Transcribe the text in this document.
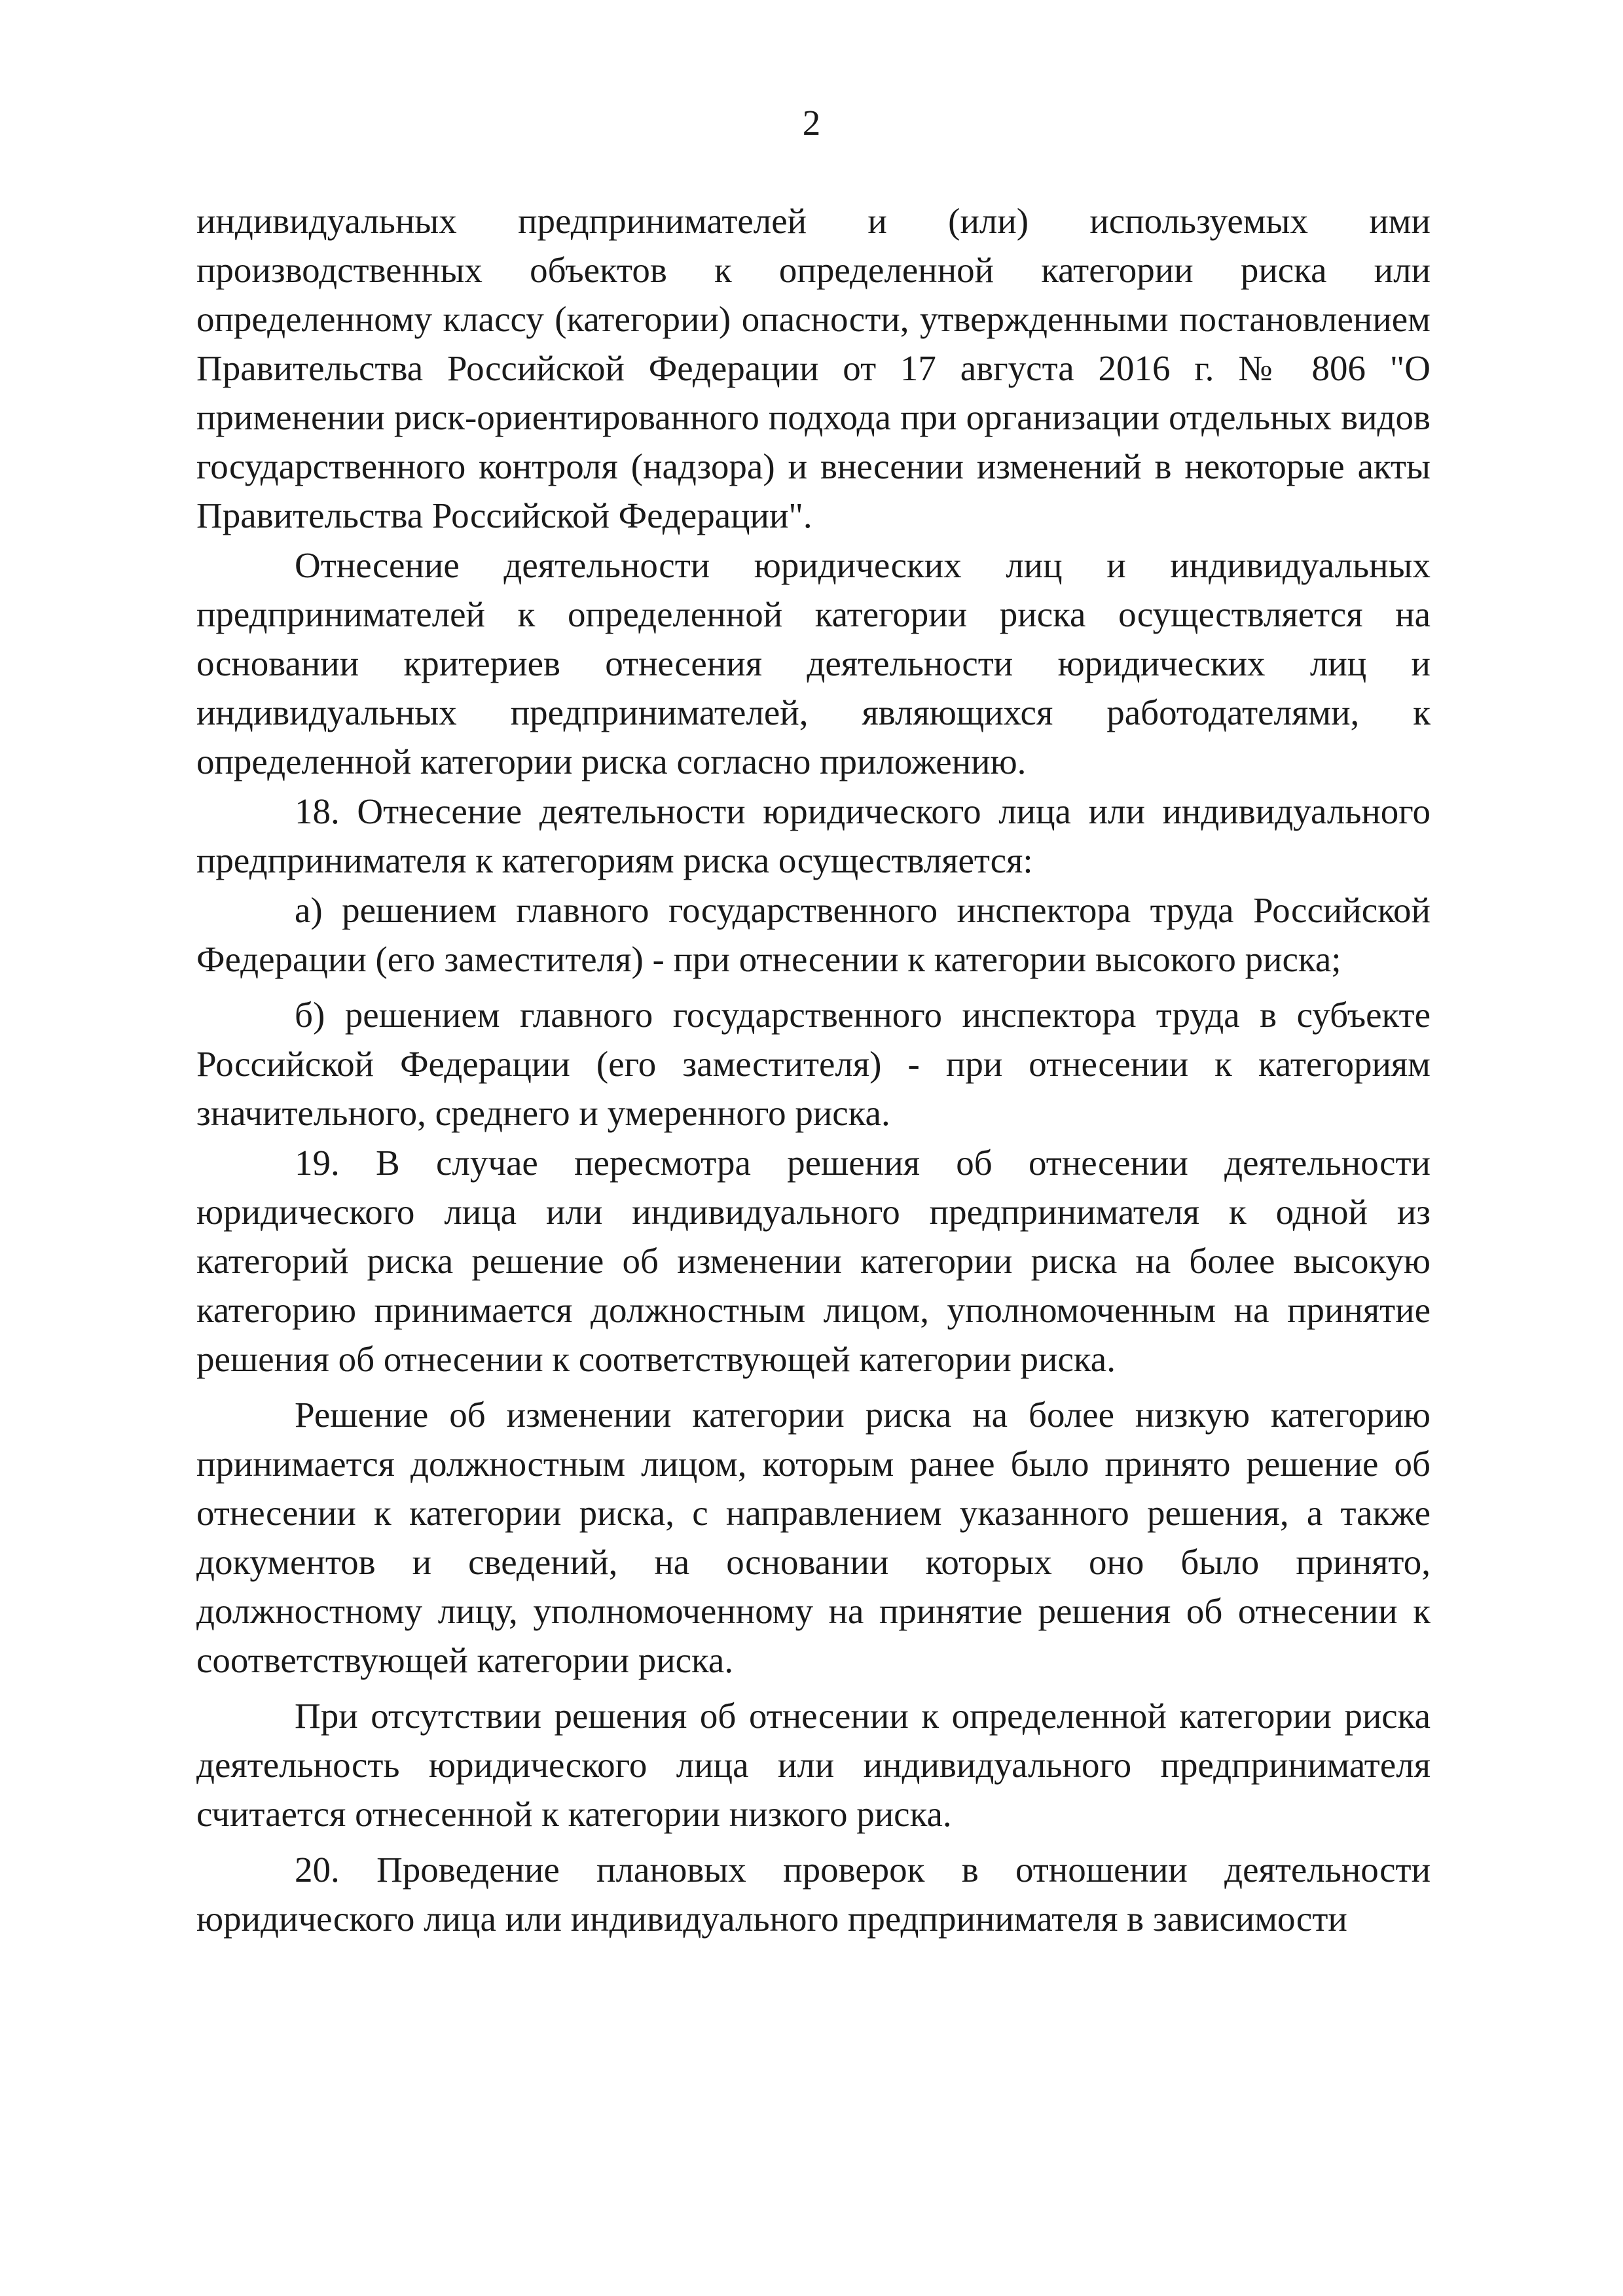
2

индивидуальных предпринимателей и (или) используемых ими производственных объектов к определенной категории риска или определенному классу (категории) опасности, утвержденными постановлением Правительства Российской Федерации от 17 августа 2016 г. № 806 "О применении риск-ориентированного подхода при организации отдельных видов государственного контроля (надзора) и внесении изменений в некоторые акты Правительства Российской Федерации".

Отнесение деятельности юридических лиц и индивидуальных предпринимателей к определенной категории риска осуществляется на основании критериев отнесения деятельности юридических лиц и индивидуальных предпринимателей, являющихся работодателями, к определенной категории риска согласно приложению.

18. Отнесение деятельности юридического лица или индивидуального предпринимателя к категориям риска осуществляется:

а) решением главного государственного инспектора труда Российской Федерации (его заместителя) - при отнесении к категории высокого риска;

б) решением главного государственного инспектора труда в субъекте Российской Федерации (его заместителя) - при отнесении к категориям значительного, среднего и умеренного риска.

19. В случае пересмотра решения об отнесении деятельности юридического лица или индивидуального предпринимателя к одной из категорий риска решение об изменении категории риска на более высокую категорию принимается должностным лицом, уполномоченным на принятие решения об отнесении к соответствующей категории риска.

Решение об изменении категории риска на более низкую категорию принимается должностным лицом, которым ранее было принято решение об отнесении к категории риска, с направлением указанного решения, а также документов и сведений, на основании которых оно было принято, должностному лицу, уполномоченному на принятие решения об отнесении к соответствующей категории риска.

При отсутствии решения об отнесении к определенной категории риска деятельность юридического лица или индивидуального предпринимателя считается отнесенной к категории низкого риска.

20. Проведение плановых проверок в отношении деятельности юридического лица или индивидуального предпринимателя в зависимости
